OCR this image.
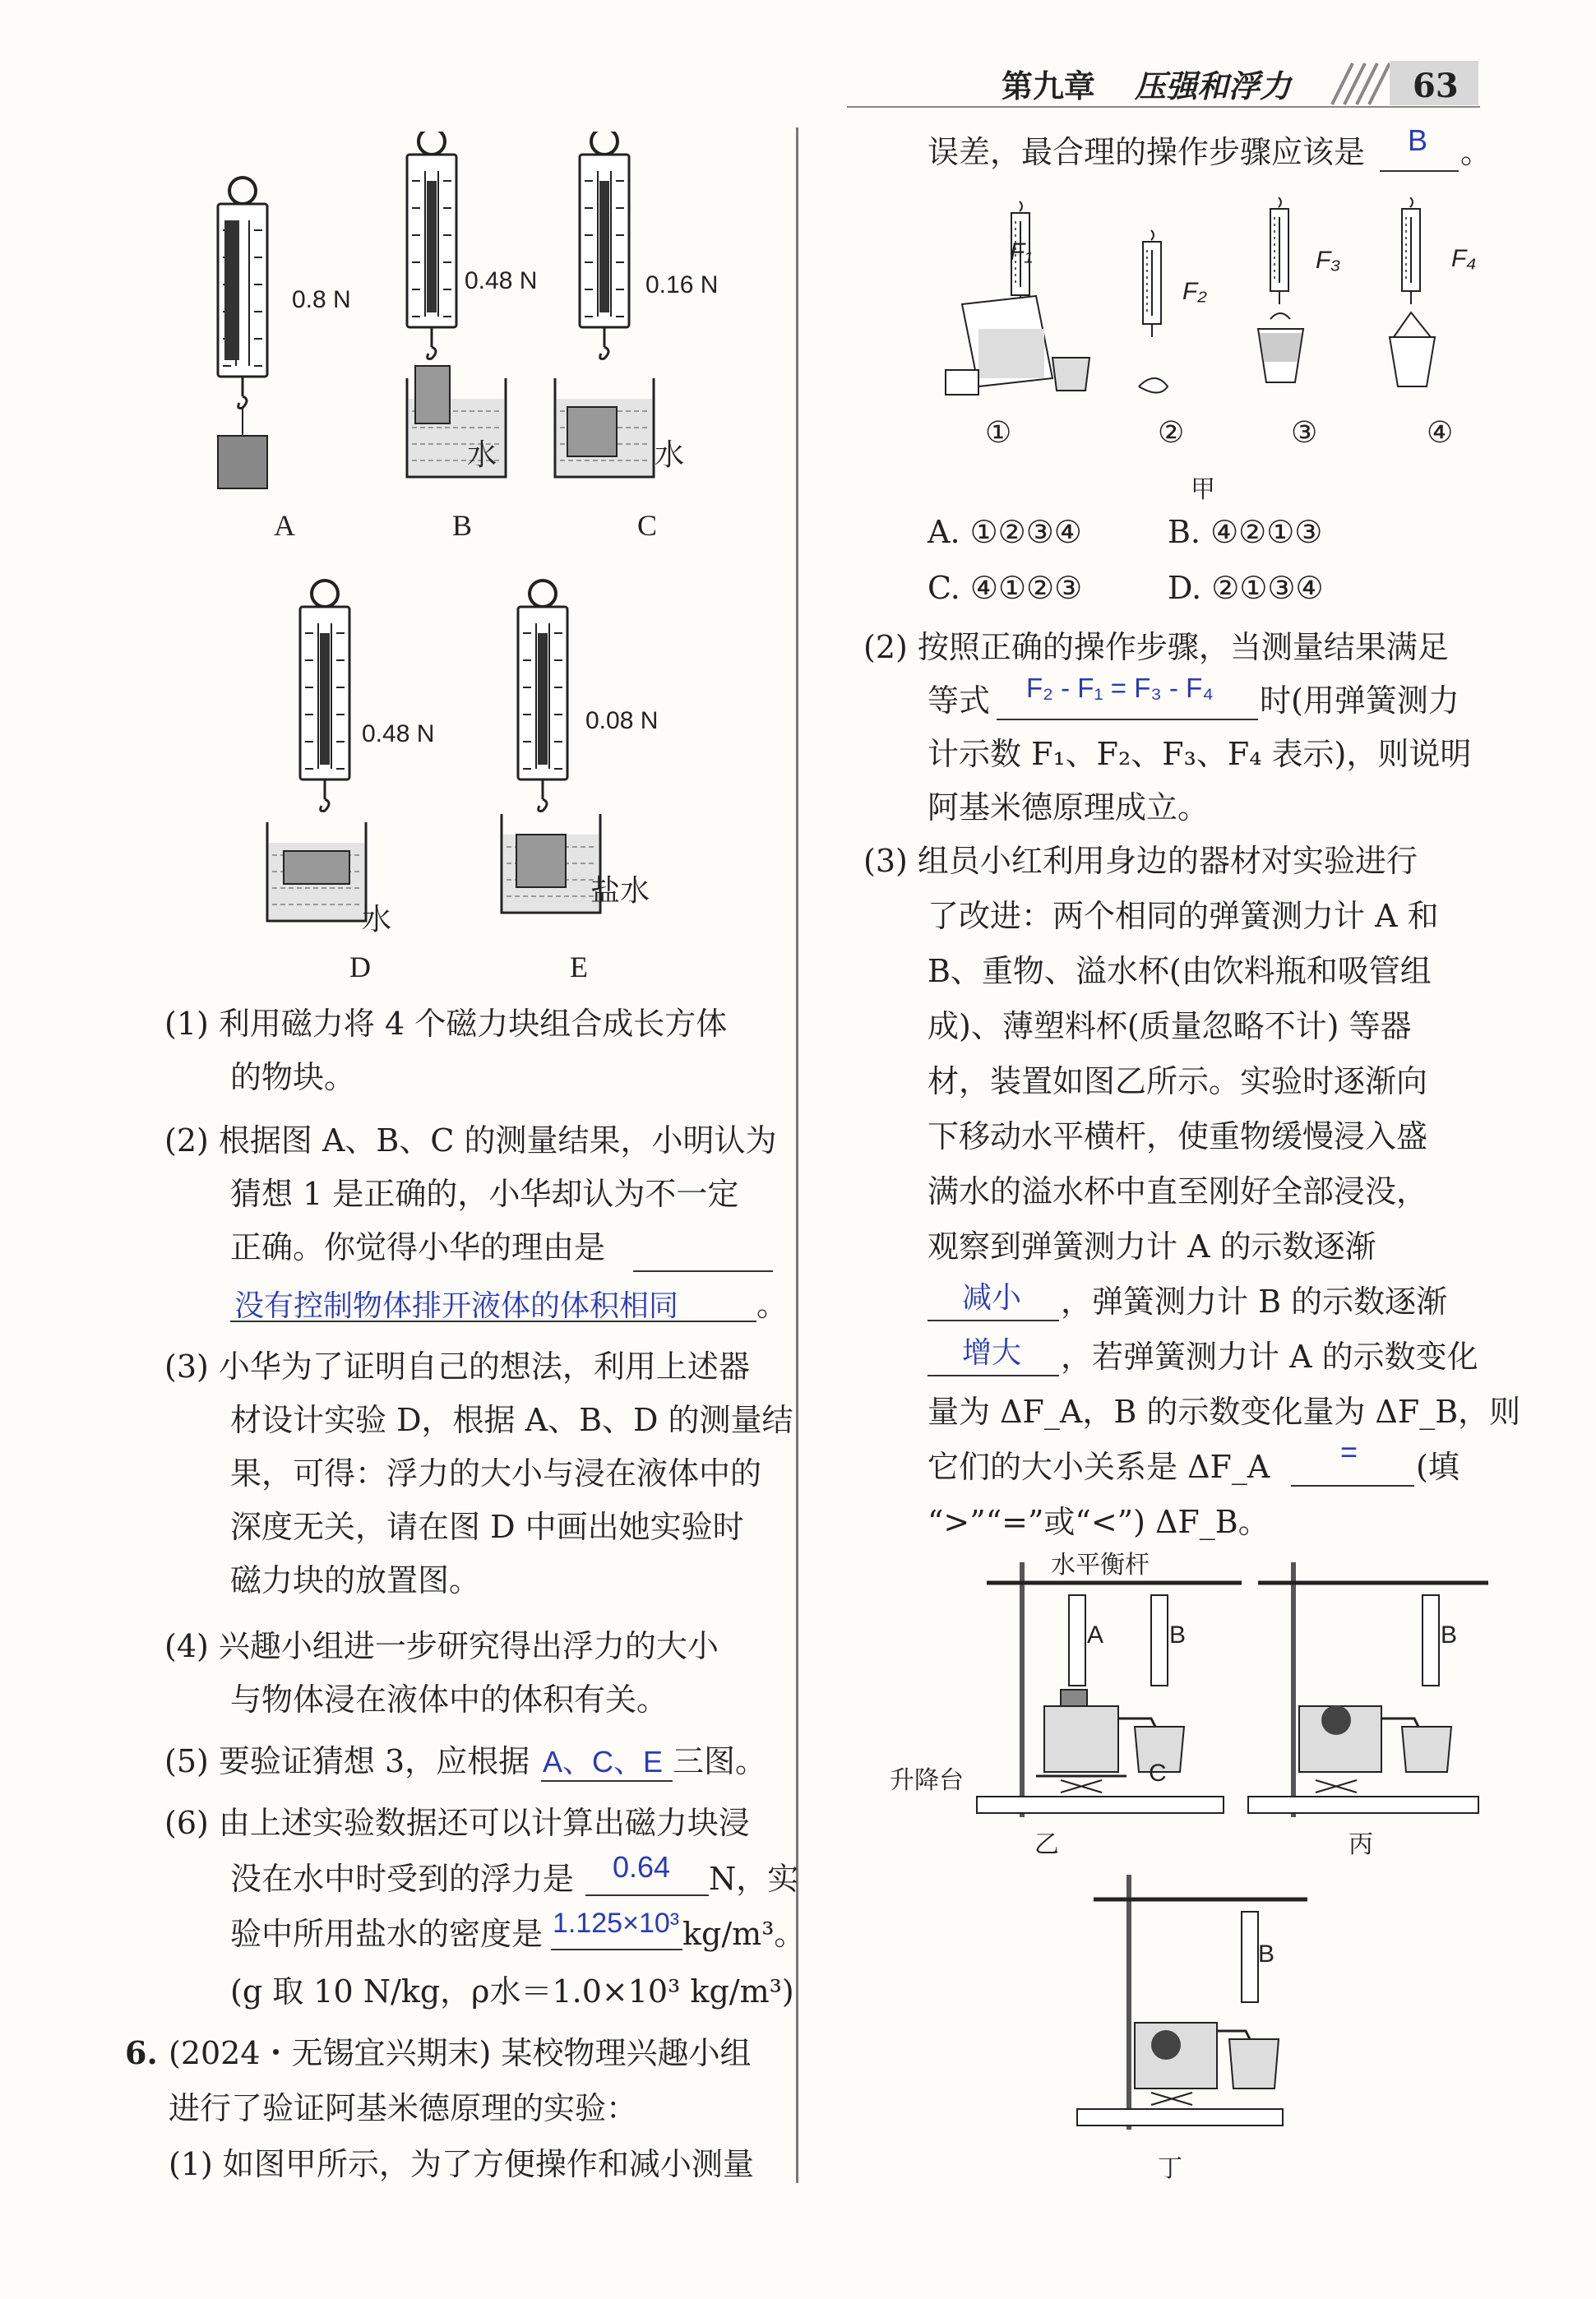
第九章 压强和浮力	63
0.8 N
0.48 N	0.16 N
0.48 N	0.08 N
水	水
水
盐水
A	B	C
D	E
(1) 利用磁力将 4 个磁力块组合成长方体
的物块。
(2) 根据图 A、B、C 的测量结果，小明认为
猜想 1 是正确的，小华却认为不一定
正确。你觉得小华的理由是
没有控制物体排开液体的体积相同 。
(3) 小华为了证明自己的想法，利用上述器
材设计实验 D，根据 A、B、D 的测量结
果，可得：浮力的大小与浸在液体中的
深度无关，请在图 D 中画出她实验时
磁力块的放置图。
(4) 兴趣小组进一步研究得出浮力的大小
与物体浸在液体中的体积有关。
(5) 要验证猜想 3，应根据 A、C、E 三图。
(6) 由上述实验数据还可以计算出磁力块浸
没在水中时受到的浮力是 0.64 N，实
验中所用盐水的密度是 1.125×10³ kg/m³。
(g 取 10 N/kg，ρ水＝1.0×10³ kg/m³)
6. (2024・无锡宜兴期末) 某校物理兴趣小组
进行了验证阿基米德原理的实验：
(1) 如图甲所示，为了方便操作和减小测量
误差，最合理的操作步骤应该是 B 。
F₁
F₂
F₃	F₄
①	②	③	④
甲
A. ①②③④	B. ④②①③
C. ④①②③	D. ②①③④
(2) 按照正确的操作步骤，当测量结果满足
等式 F₂ - F₁ = F₃ - F₄ 时(用弹簧测力
计示数 F₁、F₂、F₃、F₄ 表示)，则说明
阿基米德原理成立。
(3) 组员小红利用身边的器材对实验进行
了改进：两个相同的弹簧测力计 A 和
B、重物、溢水杯(由饮料瓶和吸管组
成)、薄塑料杯(质量忽略不计) 等器
材，装置如图乙所示。实验时逐渐向
下移动水平横杆，使重物缓慢浸入盛
满水的溢水杯中直至刚好全部浸没，
观察到弹簧测力计 A 的示数逐渐
减小 ，弹簧测力计 B 的示数逐渐
增大 ，若弹簧测力计 A 的示数变化
量为 ΔF_A，B 的示数变化量为 ΔF_B，则
它们的大小关系是 ΔF_A = (填
“>”“=”或“<”) ΔF_B。
水平衡杆
升降台
A	B
C
B
B
乙	丙
丁
